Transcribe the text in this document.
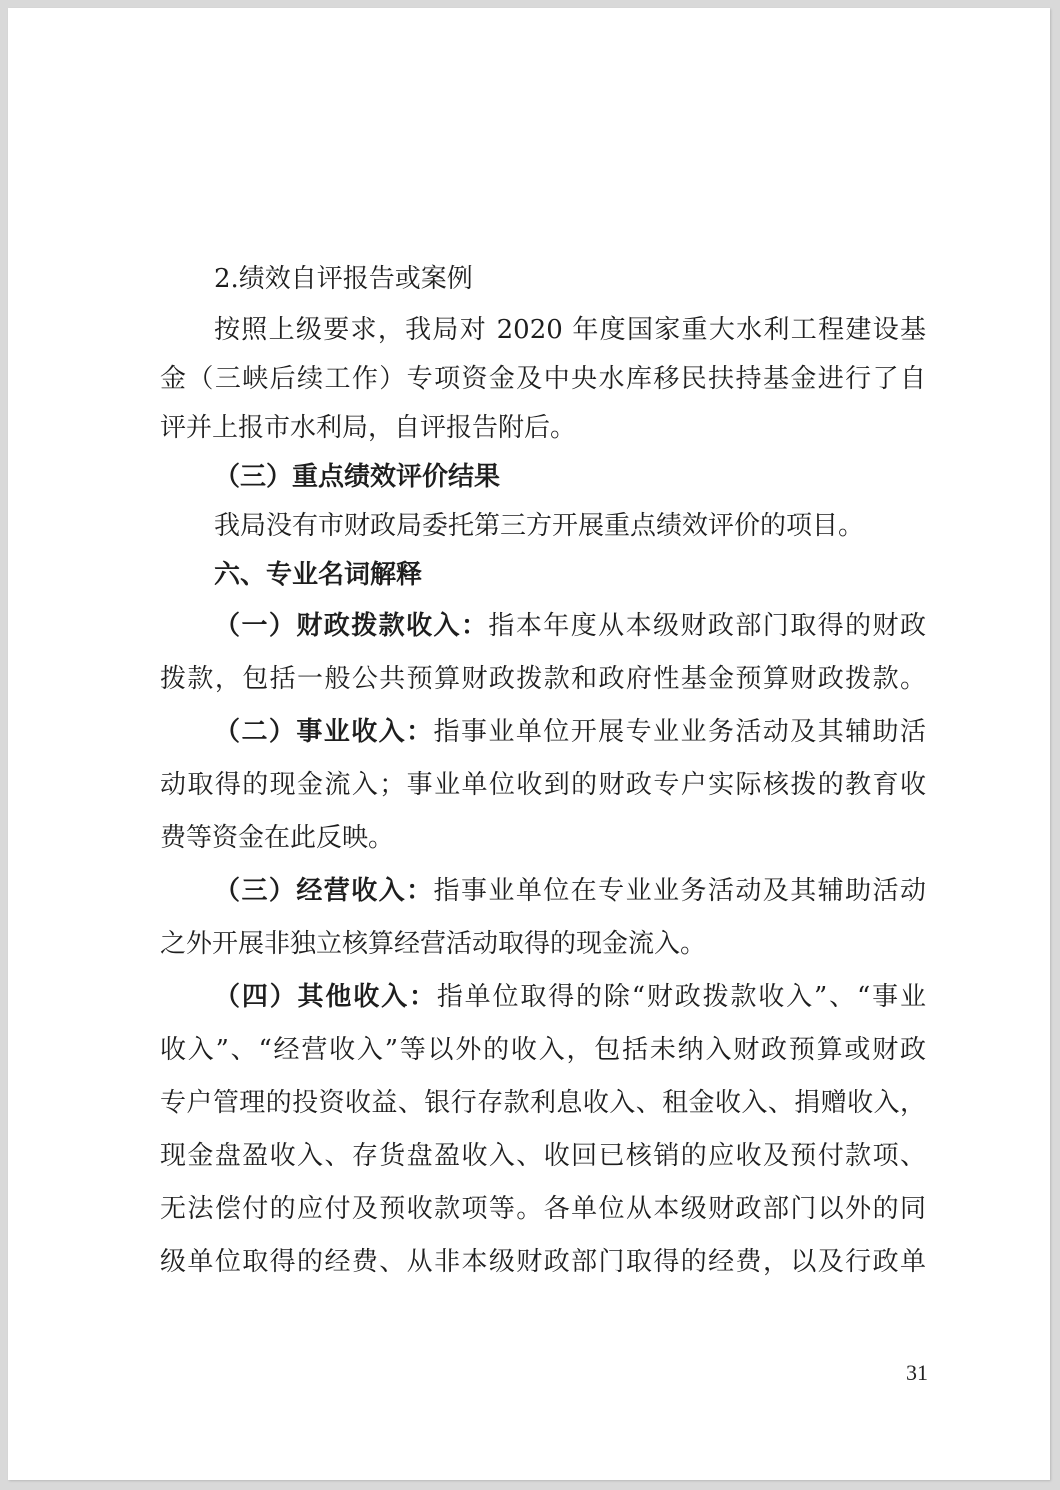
2.绩效自评报告或案例
按照上级要求，我局对 2020 年度国家重大水利工程建设基
金（三峡后续工作）专项资金及中央水库移民扶持基金进行了自
评并上报市水利局，自评报告附后。
（三）重点绩效评价结果
我局没有市财政局委托第三方开展重点绩效评价的项目。
六、专业名词解释
（一）财政拨款收入：指本年度从本级财政部门取得的财政
拨款，包括一般公共预算财政拨款和政府性基金预算财政拨款。
（二）事业收入：指事业单位开展专业业务活动及其辅助活
动取得的现金流入；事业单位收到的财政专户实际核拨的教育收
费等资金在此反映。
（三）经营收入：指事业单位在专业业务活动及其辅助活动
之外开展非独立核算经营活动取得的现金流入。
（四）其他收入：指单位取得的除“财政拨款收入”、“事业
收入”、“经营收入”等以外的收入，包括未纳入财政预算或财政
专户管理的投资收益、银行存款利息收入、租金收入、捐赠收入，
现金盘盈收入、存货盘盈收入、收回已核销的应收及预付款项、
无法偿付的应付及预收款项等。各单位从本级财政部门以外的同
级单位取得的经费、从非本级财政部门取得的经费，以及行政单
31
